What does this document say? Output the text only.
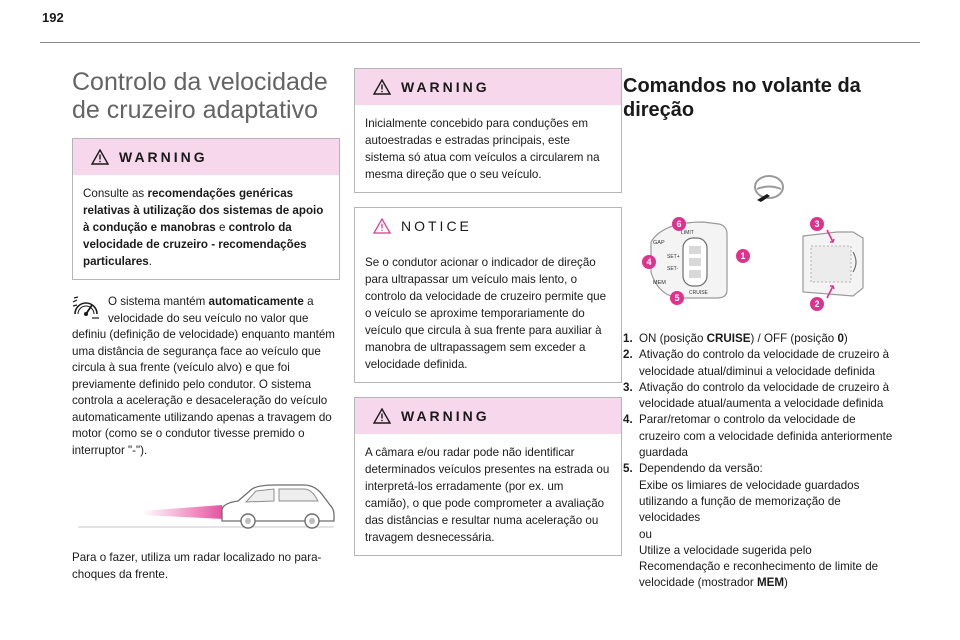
192
Controlo da velocidade de cruzeiro adaptativo
WARNING
Consulte as recomendações genéricas relativas à utilização dos sistemas de apoio à condução e manobras e controlo da velocidade de cruzeiro - recomendações particulares.
O sistema mantém automaticamente a velocidade do seu veículo no valor que definiu (definição de velocidade) enquanto mantém uma distância de segurança face ao veículo que circula à sua frente (veículo alvo) e que foi previamente definido pelo condutor. O sistema controla a aceleração e desaceleração do veículo automaticamente utilizando apenas a travagem do motor (como se o condutor tivesse premido o interruptor "-").
Para o fazer, utiliza um radar localizado no para-choques da frente.
WARNING
Inicialmente concebido para conduções em autoestradas e estradas principais, este sistema só atua com veículos a circularem na mesma direção que o seu veículo.
NOTICE
Se o condutor acionar o indicador de direção para ultrapassar um veículo mais lento, o controlo da velocidade de cruzeiro permite que o veículo se aproxime temporariamente do veículo que circula à sua frente para auxiliar à manobra de ultrapassagem sem exceder a velocidade definida.
WARNING
A câmara e/ou radar pode não identificar determinados veículos presentes na estrada ou interpretá-los erradamente (por ex. um camião), o que pode comprometer a avaliação das distâncias e resultar numa aceleração ou travagem desnecessária.
Comandos no volante da direção
GAP
LIMIT
SET+
SET-
CRUISE
MEM
6
1
4
5
3
2
1. ON (posição CRUISE) / OFF (posição 0)
2. Ativação do controlo da velocidade de cruzeiro à velocidade atual/diminui a velocidade definida
3. Ativação do controlo da velocidade de cruzeiro à velocidade atual/aumenta a velocidade definida
4. Parar/retomar o controlo da velocidade de cruzeiro com a velocidade definida anteriormente guardada
5. Dependendo da versão:
Exibe os limiares de velocidade guardados utilizando a função de memorização de velocidades
ou
Utilize a velocidade sugerida pelo Recomendação e reconhecimento de limite de velocidade (mostrador MEM)
